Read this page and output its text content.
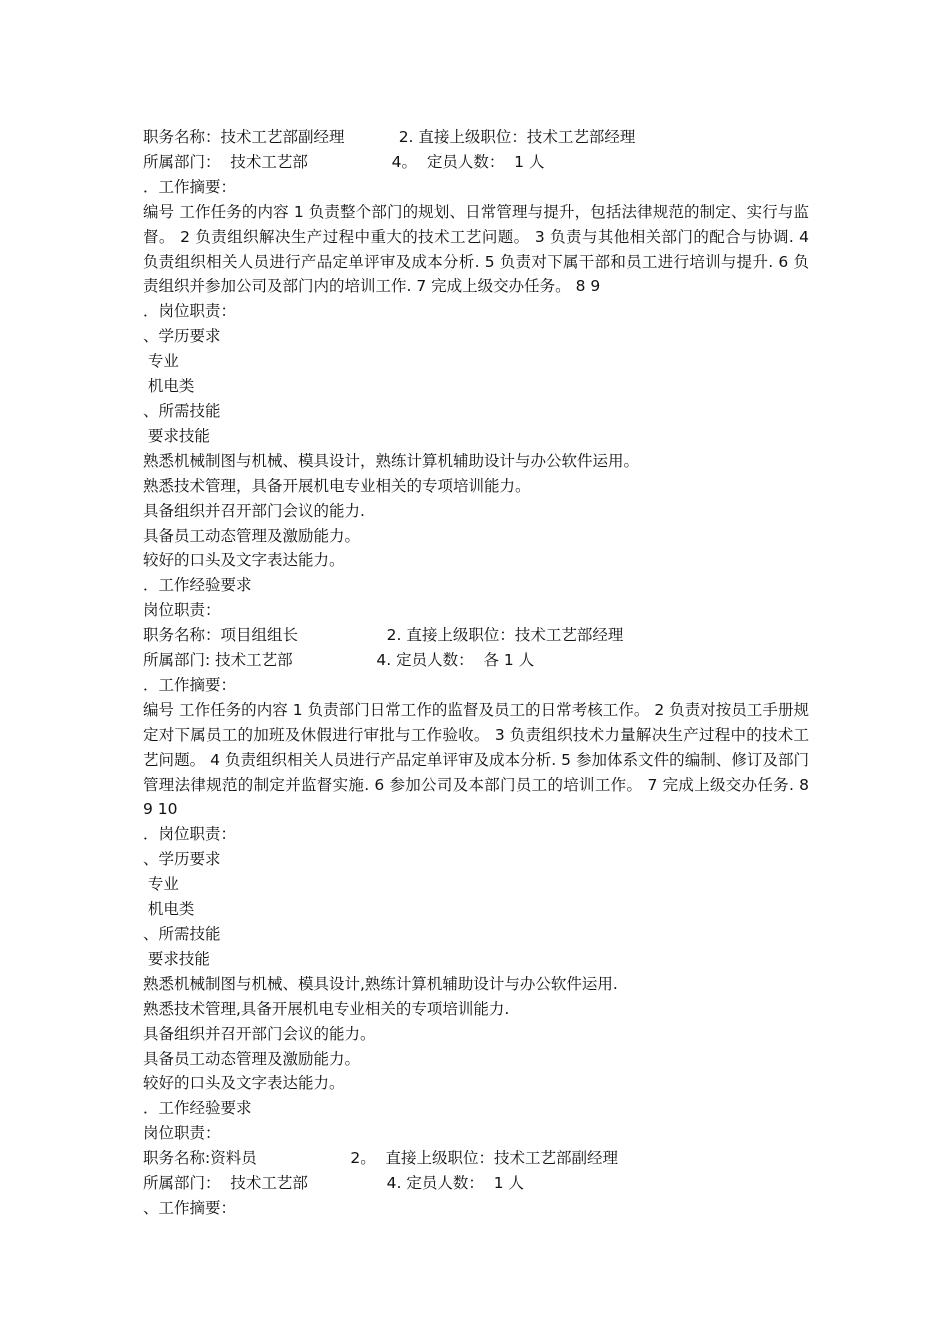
职务名称：技术工艺部副经理           2. 直接上级职位：技术工艺部经理
所属部门：  技术工艺部                 4。  定员人数：  1 人
．工作摘要：
编号 工作任务的内容 1 负责整个部门的规划、日常管理与提升，包括法律规范的制定、实行与监督。 2 负责组织解决生产过程中重大的技术工艺问题。 3 负责与其他相关部门的配合与协调. 4 负责组织相关人员进行产品定单评审及成本分析. 5 负责对下属干部和员工进行培训与提升. 6 负责组织并参加公司及部门内的培训工作. 7 完成上级交办任务。 8 9
．岗位职责：
、学历要求
专业
机电类
、所需技能
要求技能
熟悉机械制图与机械、模具设计，熟练计算机辅助设计与办公软件运用。
熟悉技术管理，具备开展机电专业相关的专项培训能力。
具备组织并召开部门会议的能力.
具备员工动态管理及激励能力。
较好的口头及文字表达能力。
．工作经验要求
岗位职责：
职务名称：项目组组长                  2. 直接上级职位：技术工艺部经理
所属部门: 技术工艺部                 4. 定员人数：  各 1 人
．工作摘要：
编号 工作任务的内容 1 负责部门日常工作的监督及员工的日常考核工作。 2 负责对按员工手册规定对下属员工的加班及休假进行审批与工作验收。 3 负责组织技术力量解决生产过程中的技术工艺问题。 4 负责组织相关人员进行产品定单评审及成本分析. 5 参加体系文件的编制、修订及部门管理法律规范的制定并监督实施. 6 参加公司及本部门员工的培训工作。 7 完成上级交办任务. 8 9 10
．岗位职责：
、学历要求
专业
机电类
、所需技能
要求技能
熟悉机械制图与机械、模具设计,熟练计算机辅助设计与办公软件运用.
熟悉技术管理,具备开展机电专业相关的专项培训能力.
具备组织并召开部门会议的能力。
具备员工动态管理及激励能力。
较好的口头及文字表达能力。
．工作经验要求
岗位职责：
职务名称:资料员                   2。  直接上级职位：技术工艺部副经理
所属部门：  技术工艺部                4. 定员人数：  1 人
、工作摘要：
